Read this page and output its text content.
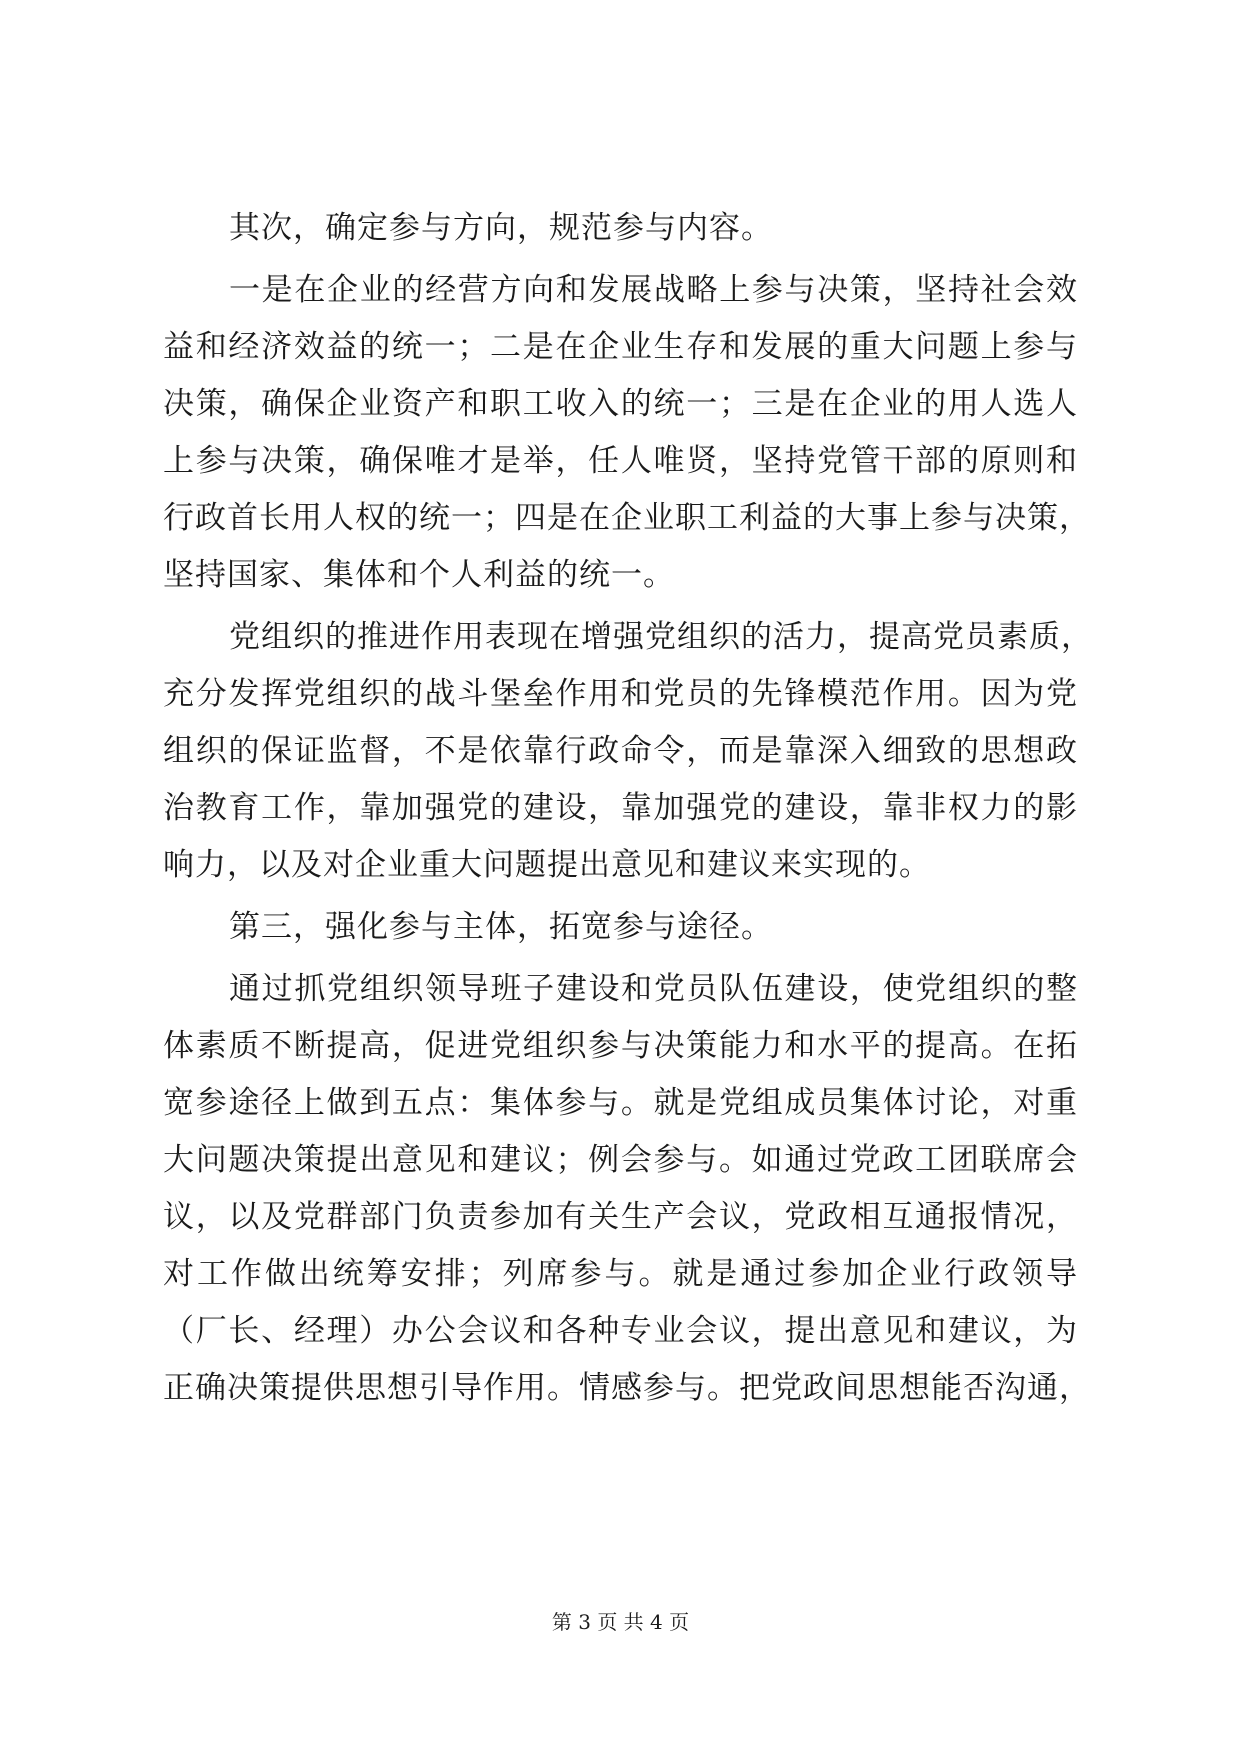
其次，确定参与方向，规范参与内容。
一是在企业的经营方向和发展战略上参与决策，坚持社会效
益和经济效益的统一；二是在企业生存和发展的重大问题上参与
决策，确保企业资产和职工收入的统一；三是在企业的用人选人
上参与决策，确保唯才是举，任人唯贤，坚持党管干部的原则和
行政首长用人权的统一；四是在企业职工利益的大事上参与决策，
坚持国家、集体和个人利益的统一。
党组织的推进作用表现在增强党组织的活力，提高党员素质，
充分发挥党组织的战斗堡垒作用和党员的先锋模范作用。因为党
组织的保证监督，不是依靠行政命令，而是靠深入细致的思想政
治教育工作，靠加强党的建设，靠加强党的建设，靠非权力的影
响力，以及对企业重大问题提出意见和建议来实现的。
第三，强化参与主体，拓宽参与途径。
通过抓党组织领导班子建设和党员队伍建设，使党组织的整
体素质不断提高，促进党组织参与决策能力和水平的提高。在拓
宽参途径上做到五点：集体参与。就是党组成员集体讨论，对重
大问题决策提出意见和建议；例会参与。如通过党政工团联席会
议，以及党群部门负责参加有关生产会议，党政相互通报情况，
对工作做出统筹安排；列席参与。就是通过参加企业行政领导
（厂长、经理）办公会议和各种专业会议，提出意见和建议，为
正确决策提供思想引导作用。情感参与。把党政间思想能否沟通，
第 3 页 共 4 页
